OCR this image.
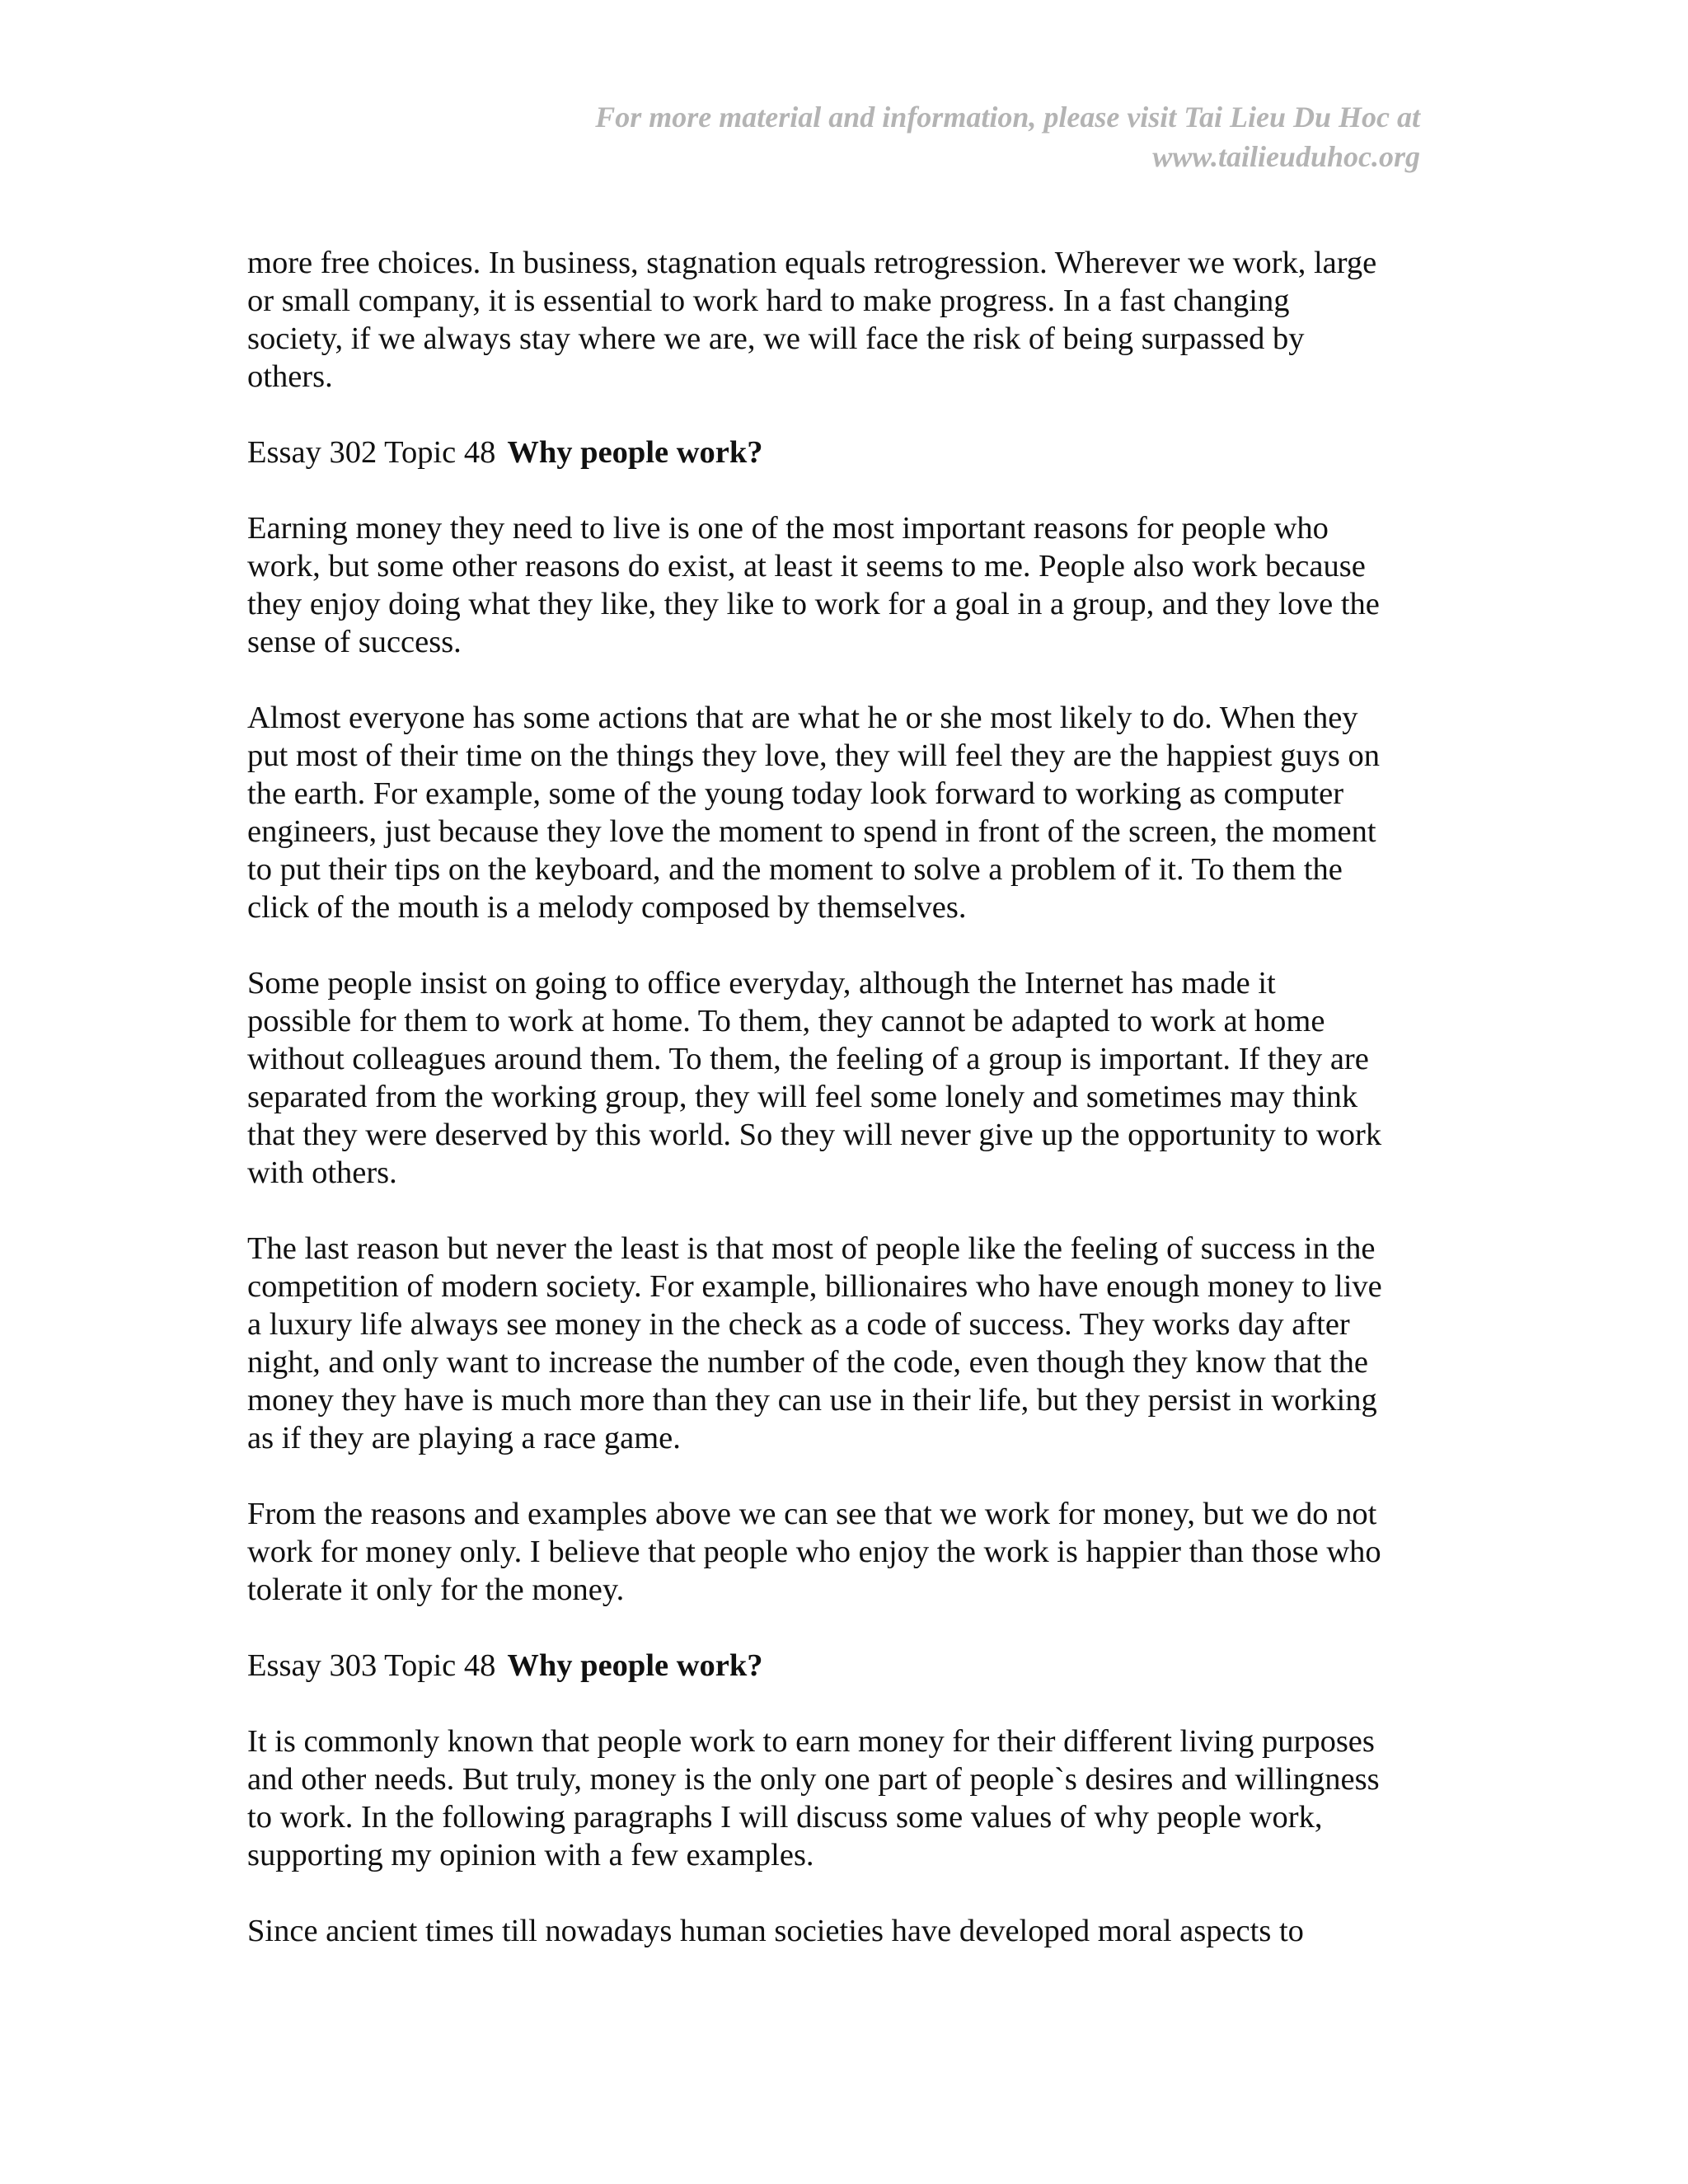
For more material and information, please visit Tai Lieu Du Hoc at
www.tailieuduhoc.org
more free choices. In business, stagnation equals retrogression. Wherever we work, large
or small company, it is essential to work hard to make progress. In a fast changing
society, if we always stay where we are, we will face the risk of being surpassed by
others.
Essay 302 Topic 48 Why people work?
Earning money they need to live is one of the most important reasons for people who
work, but some other reasons do exist, at least it seems to me. People also work because
they enjoy doing what they like, they like to work for a goal in a group, and they love the
sense of success.
Almost everyone has some actions that are what he or she most likely to do. When they
put most of their time on the things they love, they will feel they are the happiest guys on
the earth. For example, some of the young today look forward to working as computer
engineers, just because they love the moment to spend in front of the screen, the moment
to put their tips on the keyboard, and the moment to solve a problem of it. To them the
click of the mouth is a melody composed by themselves.
Some people insist on going to office everyday, although the Internet has made it
possible for them to work at home. To them, they cannot be adapted to work at home
without colleagues around them. To them, the feeling of a group is important. If they are
separated from the working group, they will feel some lonely and sometimes may think
that they were deserved by this world. So they will never give up the opportunity to work
with others.
The last reason but never the least is that most of people like the feeling of success in the
competition of modern society. For example, billionaires who have enough money to live
a luxury life always see money in the check as a code of success. They works day after
night, and only want to increase the number of the code, even though they know that the
money they have is much more than they can use in their life, but they persist in working
as if they are playing a race game.
From the reasons and examples above we can see that we work for money, but we do not
work for money only. I believe that people who enjoy the work is happier than those who
tolerate it only for the money.
Essay 303 Topic 48 Why people work?
It is commonly known that people work to earn money for their different living purposes
and other needs. But truly, money is the only one part of people`s desires and willingness
to work. In the following paragraphs I will discuss some values of why people work,
supporting my opinion with a few examples.
Since ancient times till nowadays human societies have developed moral aspects to
